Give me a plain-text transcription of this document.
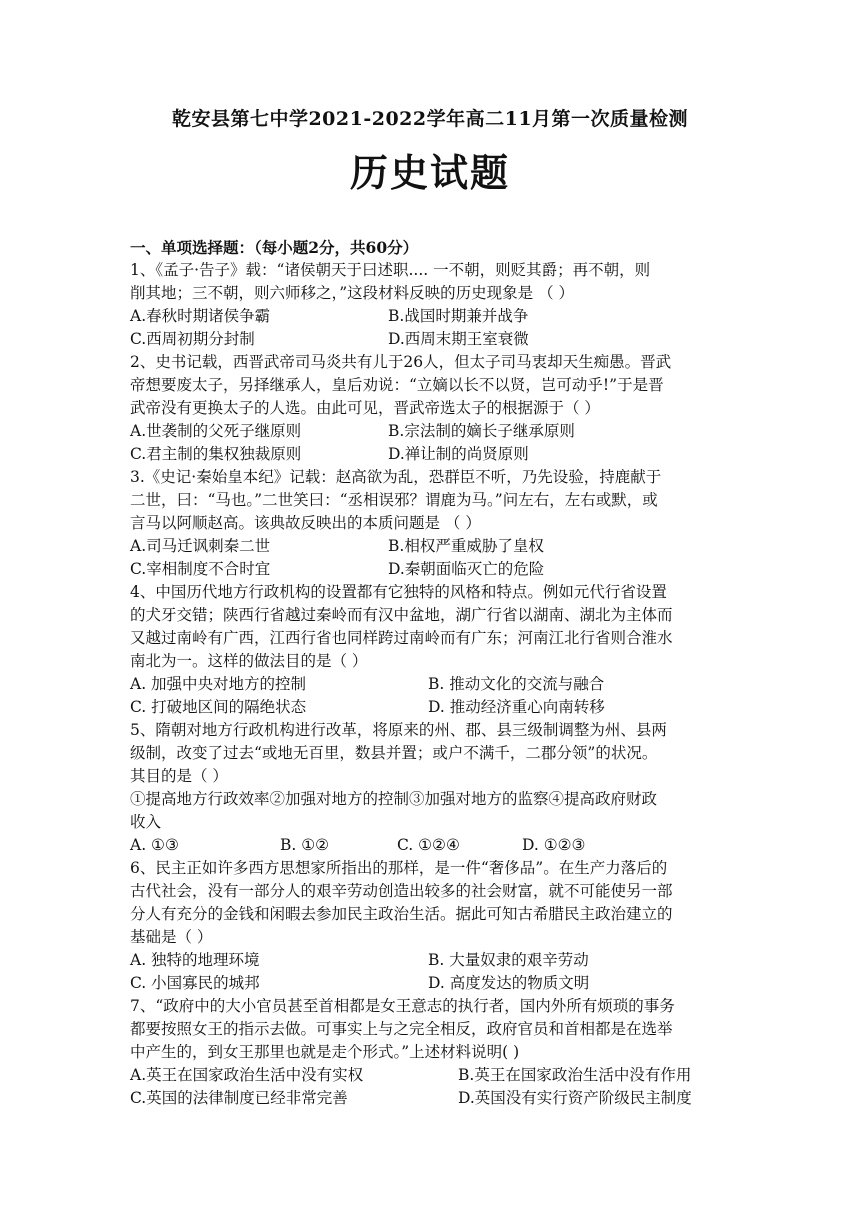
乾安县第七中学2021-2022学年高二11月第一次质量检测
历史试题
一、单项选择题：（每小题2分，共60分）
1、《孟子·告子》载：“诸侯朝天于曰述职.... 一不朝，则贬其爵；再不朝，则
削其地；三不朝，则六师移之，”这段材料反映的历史现象是 （ ）
A.春秋时期诸侯争霸	B.战国时期兼并战争
C.西周初期分封制	D.西周末期王室衰微
2、史书记载，西晋武帝司马炎共有儿于26人，但太子司马衷却天生痴愚。晋武
帝想要废太子，另择继承人，皇后劝说：“立嫡以长不以贤，岂可动乎!”于是晋
武帝没有更换太子的人选。由此可见，晋武帝选太子的根据源于（ ）
A.世袭制的父死子继原则	B.宗法制的嫡长子继承原则
C.君主制的集权独裁原则	D.禅让制的尚贤原则
3.《史记·秦始皇本纪》记载：赵高欲为乱，恐群臣不听，乃先设验，持鹿献于
二世，曰：“马也。”二世笑曰：“丞相误邪？谓鹿为马。”问左右，左右或默，或
言马以阿顺赵高。该典故反映出的本质问题是 （ ）
A.司马迁讽刺秦二世	B.相权严重威胁了皇权
C.宰相制度不合时宜	D.秦朝面临灭亡的危险
4、中国历代地方行政机构的设置都有它独特的风格和特点。例如元代行省设置
的犬牙交错；陕西行省越过秦岭而有汉中盆地，湖广行省以湖南、湖北为主体而
又越过南岭有广西，江西行省也同样跨过南岭而有广东；河南江北行省则合淮水
南北为一。这样的做法目的是（ ）
A. 加强中央对地方的控制	B. 推动文化的交流与融合
C. 打破地区间的隔绝状态	D. 推动经济重心向南转移
5、隋朝对地方行政机构进行改革，将原来的州、郡、县三级制调整为州、县两
级制，改变了过去“或地无百里，数县并置；或户不满千，二郡分领”的状况。
其目的是（ ）
①提高地方行政效率②加强对地方的控制③加强对地方的监察④提高政府财政
收入
A. ①③	B. ①②	C. ①②④	D. ①②③
6、民主正如许多西方思想家所指出的那样，是一件“奢侈品”。在生产力落后的
古代社会，没有一部分人的艰辛劳动创造出较多的社会财富，就不可能使另一部
分人有充分的金钱和闲暇去参加民主政治生活。据此可知古希腊民主政治建立的
基础是（ ）
A. 独特的地理环境	B. 大量奴隶的艰辛劳动
C. 小国寡民的城邦	D. 高度发达的物质文明
7、“政府中的大小官员甚至首相都是女王意志的执行者，国内外所有烦琐的事务
都要按照女王的指示去做。可事实上与之完全相反，政府官员和首相都是在选举
中产生的，到女王那里也就是走个形式。”上述材料说明( )
A.英王在国家政治生活中没有实权	B.英王在国家政治生活中没有作用
C.英国的法律制度已经非常完善	D.英国没有实行资产阶级民主制度
